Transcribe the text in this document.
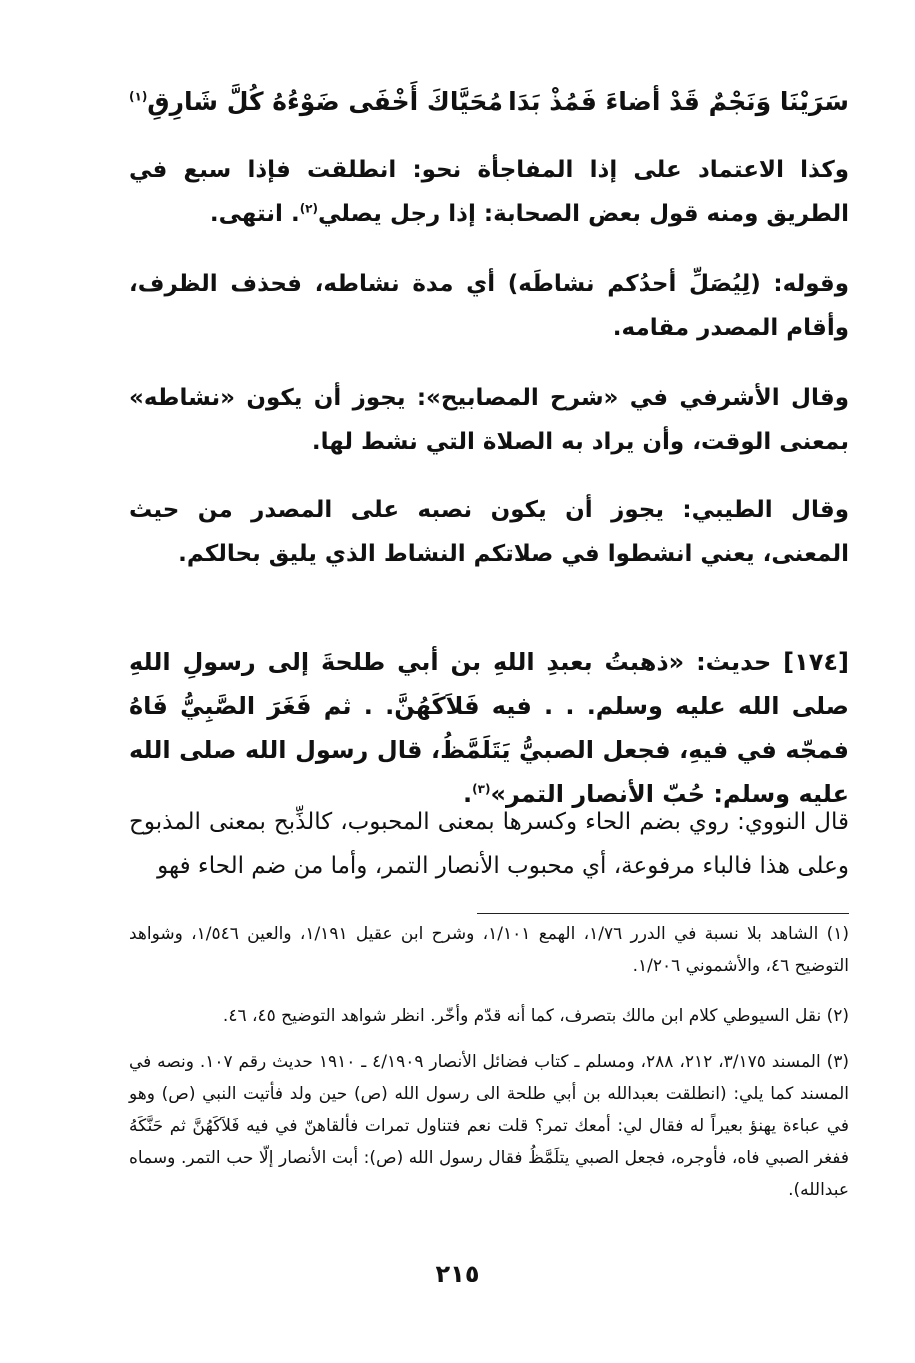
سَرَيْنَا وَنَجْمٌ قَدْ أضاءَ فَمُذْ بَدَا
مُحَيَّاكَ أَخْفَى ضَوْءُهُ كُلَّ شَارِقِ$^{(١)}$
وكذا الاعتماد على إذا المفاجأة نحو: انطلقت فإذا سبع في الطريق ومنه قول بعض الصحابة: إذا رجل يصلي$^{(٢)}$. انتهى.
وقوله: (لِيُصَلِّ أحدُكم نشاطَه) أي مدة نشاطه، فحذف الظرف، وأقام المصدر مقامه.
وقال الأشرفي في «شرح المصابيح»: يجوز أن يكون «نشاطه» بمعنى الوقت، وأن يراد به الصلاة التي نشط لها.
وقال الطيبي: يجوز أن يكون نصبه على المصدر من حيث المعنى، يعني انشطوا في صلاتكم النشاط الذي يليق بحالكم.
[١٧٤] حديث: «ذهبتُ بعبدِ اللهِ بن أبي طلحةَ إلى رسولِ اللهِ صلى الله عليه وسلم. . . فيه فَلاَكَهُنَّ. . ثم فَغَرَ الصَّبِيُّ فَاهُ فمجّه في فيهِ، فجعل الصبيُّ يَتَلَمَّظُ، قال رسول الله صلى الله عليه وسلم: حُبّ الأنصار التمر»$^{(٣)}$.
قال النووي: روي بضم الحاء وكسرها بمعنى المحبوب، كالذِّبح بمعنى المذبوح وعلى هذا فالباء مرفوعة، أي محبوب الأنصار التمر، وأما من ضم الحاء فهو
(١) الشاهد بلا نسبة في الدرر ١/٧٦، الهمع ١/١٠١، وشرح ابن عقيل ١/١٩١، والعين ١/٥٤٦، وشواهد التوضيح ٤٦، والأشموني ١/٢٠٦.
(٢) نقل السيوطي كلام ابن مالك بتصرف، كما أنه قدّم وأخّر. انظر شواهد التوضيح ٤٥، ٤٦.
(٣) المسند ٣/١٧٥، ٢١٢، ٢٨٨، ومسلم ـ كتاب فضائل الأنصار ٤/١٩٠٩ ـ ١٩١٠ حديث رقم ١٠٧. ونصه في المسند كما يلي: (انطلقت بعبدالله بن أبي طلحة الى رسول الله (ص) حين ولد فأتيت النبي (ص) وهو في عباءة يهنؤ بعيراً له فقال لي: أمعك تمر؟ قلت نعم فتناول تمرات فألقاهنّ في فيه فَلاَكَهُنَّ ثم حَنَّكَهُ ففغر الصبي فاه، فأوجره، فجعل الصبي يتلَمَّظُ فقال رسول الله (ص): أبت الأنصار إلّا حب التمر. وسماه عبدالله).
٢١٥
